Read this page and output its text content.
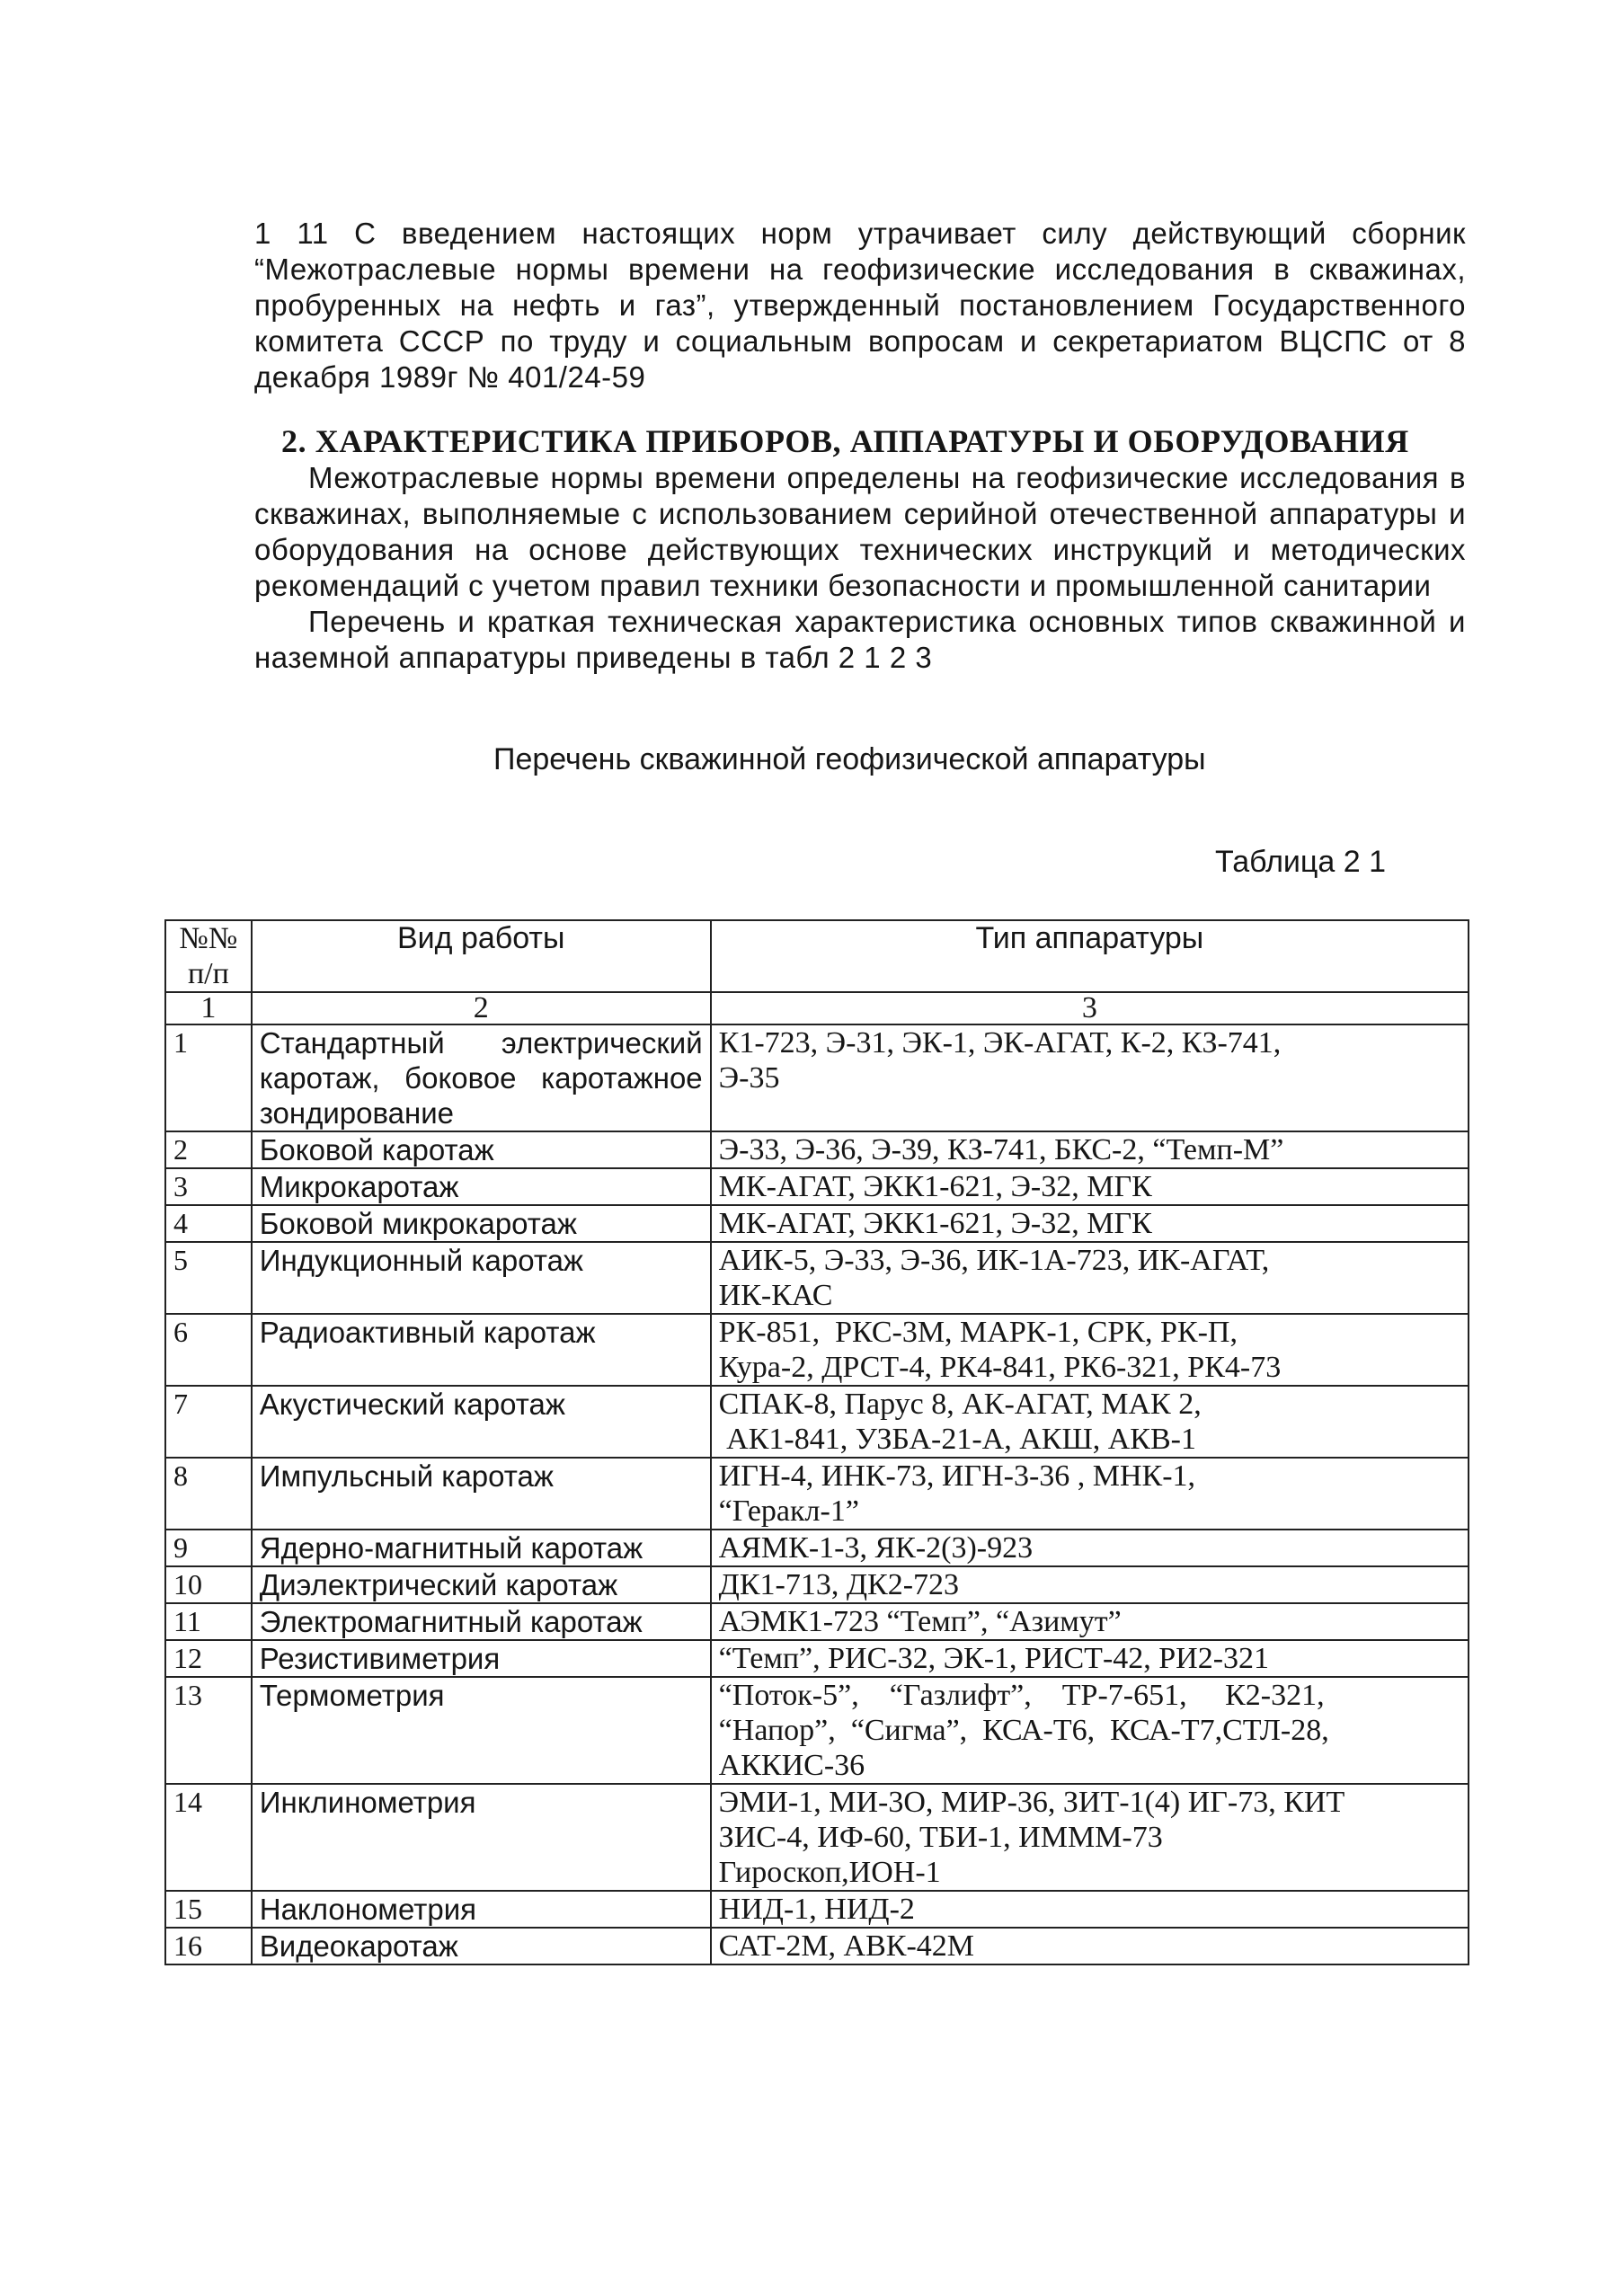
1 11 С введением настоящих норм утрачивает силу действующий сборник “Межотраслевые нормы времени на геофизические исследования в скважинах, пробуренных на нефть и газ”, утвержденный постановлением Государственного комитета СССР по труду и социальным вопросам и секретариатом ВЦСПС от 8 декабря 1989г № 401/24-59

2. ХАРАКТЕРИСТИКА ПРИБОРОВ, АППАРАТУРЫ И ОБОРУДОВАНИЯ

Межотраслевые нормы времени определены на геофизические исследования в скважинах, выполняемые с использованием серийной отечественной аппаратуры и оборудования на основе действующих технических инструкций и методических рекомендаций с учетом правил техники безопасности и промышленной санитарии

Перечень и краткая техническая характеристика основных типов скважинной и наземной аппаратуры приведены в табл 2 1 2 3

Перечень скважинной геофизической аппаратуры
Таблица 2 1
№№ п/п	Вид работы	Тип аппаратуры
1	2	3
1	Стандартный электрический каротаж, боковое каротажное зондирование	К1-723, Э-31, ЭК-1, ЭК-АГАТ, К-2, КЗ-741,
Э-35

2	Боковой каротаж	Э-33, Э-36, Э-39, КЗ-741, БКС-2, “Темп-М”

3	Микрокаротаж	МК-АГАТ, ЭКК1-621, Э-32, МГК

4	Боковой микрокаротаж	МК-АГАТ, ЭКК1-621, Э-32, МГК

5	Индукционный каротаж	АИК-5, Э-33, Э-36, ИК-1А-723, ИК-АГАТ,
ИК-КАС

6	Радиоактивный каротаж	РК-851,  РКС-3М, МАРК-1, СРК, РК-П,
Кура-2, ДРСТ-4, РК4-841, РК6-321, РК4-73

7	Акустический каротаж	СПАК-8, Парус 8, АК-АГАТ, МАК 2,
АК1-841, УЗБА-21-А, АКШ, АКВ-1

8	Импульсный каротаж	ИГН-4, ИНК-73, ИГН-3-36 , МНК-1,
“Геракл-1”

9	Ядерно-магнитный каротаж	АЯМК-1-3, ЯК-2(3)-923

10	Диэлектрический каротаж	ДК1-713, ДК2-723

11	Электромагнитный каротаж	АЭМК1-723 “Темп”, “Азимут”

12	Резистивиметрия	“Темп”, РИС-32, ЭК-1, РИСТ-42, РИ2-321

13	Термометрия	“Поток-5”,    “Газлифт”,    ТР-7-651,     К2-321,
“Напор”,  “Сигма”,  КСА-Т6,  КСА-Т7,СТЛ-28,
АККИС-36

14	Инклинометрия	ЭМИ-1, МИ-3О, МИР-36, ЗИТ-1(4) ИГ-73, КИТ
ЗИС-4, ИФ-60, ТБИ-1, ИМММ-73
Гироскоп,ИОН-1

15	Наклонометрия	НИД-1, НИД-2

16	Видеокаротаж	САТ-2М, АВК-42М
